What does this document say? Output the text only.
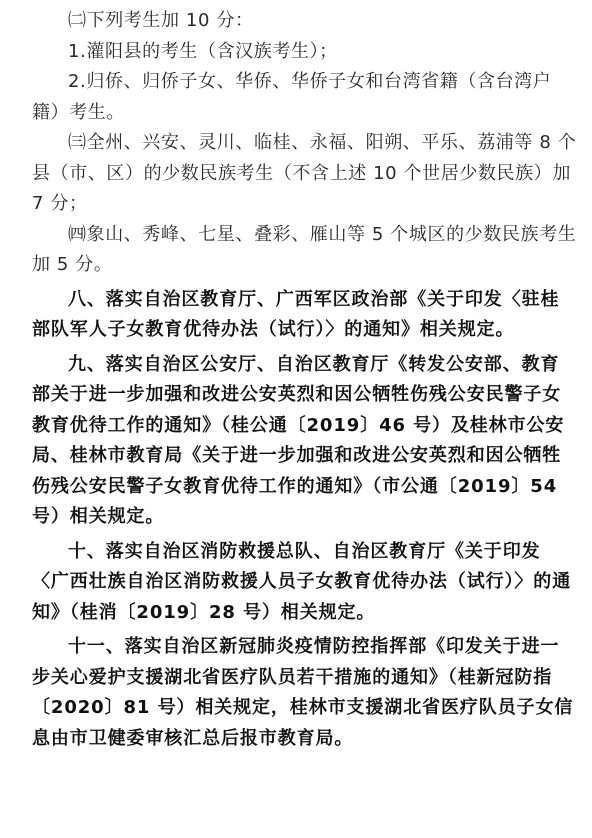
㈡下列考生加 10 分：

1.灌阳县的考生（含汉族考生）；

2.归侨、归侨子女、华侨、华侨子女和台湾省籍（含台湾户籍）考生。

㈢全州、兴安、灵川、临桂、永福、阳朔、平乐、荔浦等 8 个县（市、区）的少数民族考生（不含上述 10 个世居少数民族）加 7 分；

㈣象山、秀峰、七星、叠彩、雁山等 5 个城区的少数民族考生加 5 分。

八、落实自治区教育厅、广西军区政治部《关于印发〈驻桂部队军人子女教育优待办法（试行）〉的通知》相关规定。

九、落实自治区公安厅、自治区教育厅《转发公安部、教育部关于进一步加强和改进公安英烈和因公牺牲伤残公安民警子女教育优待工作的通知》（桂公通〔2019〕46 号）及桂林市公安局、桂林市教育局《关于进一步加强和改进公安英烈和因公牺牲伤残公安民警子女教育优待工作的通知》（市公通〔2019〕54 号）相关规定。

十、落实自治区消防救援总队、自治区教育厅《关于印发〈广西壮族自治区消防救援人员子女教育优待办法（试行）〉的通知》（桂消〔2019〕28 号）相关规定。

十一、落实自治区新冠肺炎疫情防控指挥部《印发关于进一步关心爱护支援湖北省医疗队员若干措施的通知》（桂新冠防指〔2020〕81 号）相关规定，桂林市支援湖北省医疗队员子女信息由市卫健委审核汇总后报市教育局。
